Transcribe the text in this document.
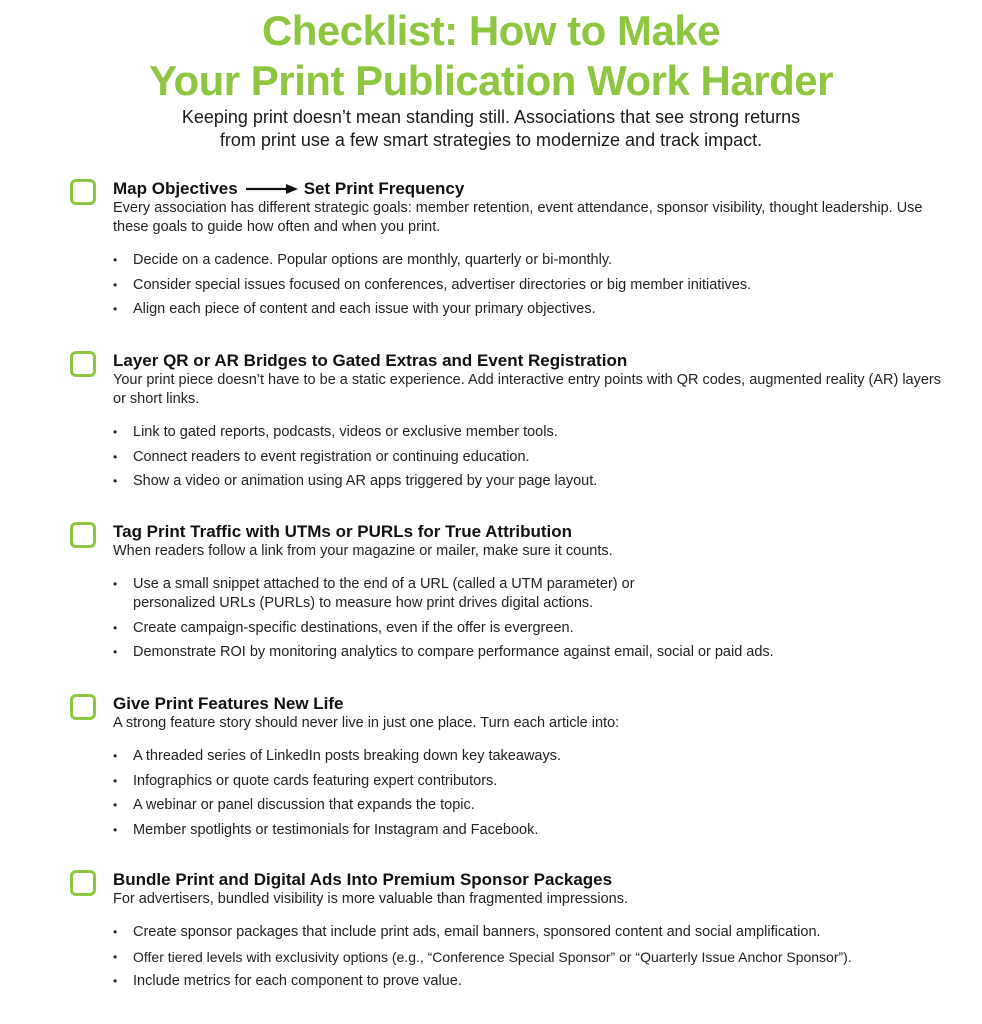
Checklist: How to Make
Your Print Publication Work Harder
Keeping print doesn’t mean standing still. Associations that see strong returns
from print use a few smart strategies to modernize and track impact.
Map Objectives	Set Print Frequency
Every association has different strategic goals: member retention, event attendance, sponsor visibility, thought leadership. Use these goals to guide how often and when you print.
• Decide on a cadence. Popular options are monthly, quarterly or bi-monthly.
• Consider special issues focused on conferences, advertiser directories or big member initiatives.
• Align each piece of content and each issue with your primary objectives.
Layer QR or AR Bridges to Gated Extras and Event Registration
Your print piece doesn’t have to be a static experience. Add interactive entry points with QR codes, augmented reality (AR) layers or short links.
• Link to gated reports, podcasts, videos or exclusive member tools.
• Connect readers to event registration or continuing education.
• Show a video or animation using AR apps triggered by your page layout.
Tag Print Traffic with UTMs or PURLs for True Attribution
When readers follow a link from your magazine or mailer, make sure it counts.
• Use a small snippet attached to the end of a URL (called a UTM parameter) or personalized URLs (PURLs) to measure how print drives digital actions.
• Create campaign-specific destinations, even if the offer is evergreen.
• Demonstrate ROI by monitoring analytics to compare performance against email, social or paid ads.
Give Print Features New Life
A strong feature story should never live in just one place. Turn each article into:
• A threaded series of LinkedIn posts breaking down key takeaways.
• Infographics or quote cards featuring expert contributors.
• A webinar or panel discussion that expands the topic.
• Member spotlights or testimonials for Instagram and Facebook.
Bundle Print and Digital Ads Into Premium Sponsor Packages
For advertisers, bundled visibility is more valuable than fragmented impressions.
• Create sponsor packages that include print ads, email banners, sponsored content and social amplification.
• Offer tiered levels with exclusivity options (e.g., “Conference Special Sponsor” or “Quarterly Issue Anchor Sponsor”).
• Include metrics for each component to prove value.
